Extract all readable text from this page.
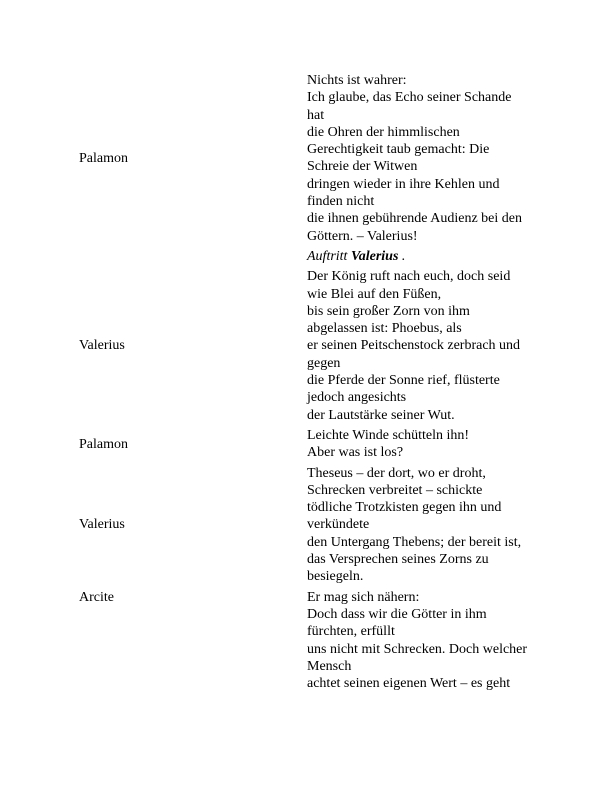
Palamon	Nichts ist wahrer:
Ich glaube, das Echo seiner Schande hat
die Ohren der himmlischen Gerechtigkeit taub gemacht: Die Schreie der Witwen
dringen wieder in ihre Kehlen und finden nicht
die ihnen gebührende Audienz bei den Göttern. – Valerius!

	Auftritt Valerius .

Valerius	Der König ruft nach euch, doch seid wie Blei auf den Füßen,
bis sein großer Zorn von ihm abgelassen ist: Phoebus, als
er seinen Peitschenstock zerbrach und gegen
die Pferde der Sonne rief, flüsterte jedoch angesichts
der Lautstärke seiner Wut.

Palamon	Leichte Winde schütteln ihn!
Aber was ist los?

Valerius	Theseus – der dort, wo er droht,
Schrecken verbreitet – schickte
tödliche Trotzkisten gegen ihn und verkündete
den Untergang Thebens; der bereit ist,
das Versprechen seines Zorns zu besiegeln.

Arcite	Er mag sich nähern:
Doch dass wir die Götter in ihm fürchten, erfüllt
uns nicht mit Schrecken. Doch welcher Mensch
achtet seinen eigenen Wert – es geht
